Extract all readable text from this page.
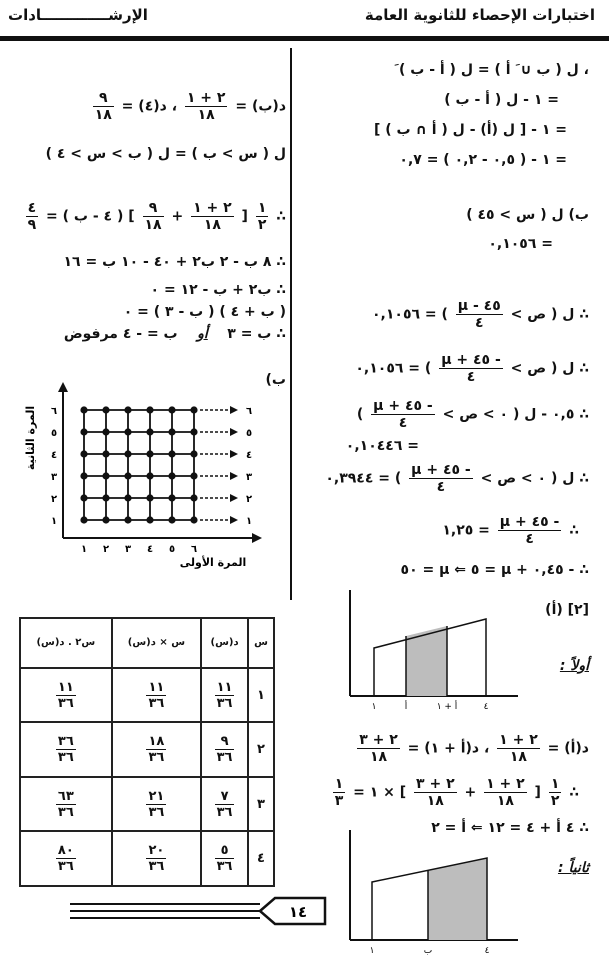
اختبارات الإحصاء للثانوية العامة
الإرشـــــــــــــادات
، ل ( ب ∪ َ أ ) = ل ( أ - ب ) َ
= ١ - ل ( أ - ب )
= ١ - [ ل (أ) - ل ( أ ∩ ب ) ]
= ١ - ( ٠,٥ - ٠,٢ ) = ٠,٧
ب) ل ( س > ٤٥ )
= ٠,١٠٥٦
∴ ل ( ص >
$\frac{٤٥ - \mu}{٤}$
) = ٠,١٠٥٦
∴ ل ( ص >
$\frac{- ٤٥ + \mu}{٤}$
) = ٠,١٠٥٦
∴ ٠,٥ - ل ( ٠ > ص >
$\frac{- ٤٥ + \mu}{٤}$
)
= ٠,١٠٤٤٦
∴ ل ( ٠ > ص >
$\frac{- ٤٥ + \mu}{٤}$
) = ٠,٣٩٤٤
∴
$\frac{- ٤٥ + \mu}{٤}$
= ١,٢٥
∴ - ٠,٤٥ + μ = ٥ ⇐ μ = ٥٠
[٢] (أ)
أولاً :
١	أ	أ + ١	٤
د(أ) =
$\frac{٢ + ١}{١٨}$
، د(أ + ١) =
$\frac{٢ + ٣}{١٨}$
∴
$\frac{١}{٢}$
[
$\frac{٢ + ١}{١٨}$
+
$\frac{٢ + ٣}{١٨}$
] × ١ =
$\frac{١}{٣}$
∴ ٤ أ + ٤ = ١٢ ⇐ أ = ٢
ثانياً :
١	ب	٤
د(ب) =
$\frac{٢ + ١}{١٨}$
، د(٤) =
$\frac{٩}{١٨}$
ل ( س > ب ) = ل ( ب > س > ٤ )
∴
$\frac{١}{٢}$
[
$\frac{٢ + ١}{١٨}$
+
$\frac{٩}{١٨}$
] ( ٤ - ب ) =
$\frac{٤}{٩}$
∴ ٨ ب - ٢ ب٢ + ٤٠ - ١٠ ب = ١٦
∴ ب٢ + ب - ١٢ = ٠
( ب + ٤ ) ( ب - ٣ ) = ٠
∴ ب = ٣    أو    ب = - ٤ مرفوض
ب)
١
٢
٣
٤
٥
٦
١
١
٢
٢
٣
٣
٤
٤
٥
٥
٦
٦
المرة الأولى
المرة الثانية
س٢ . د(س)	س × د(س)	د(س)	س

$\frac{١١}{٣٦}$	$\frac{١١}{٣٦}$	$\frac{١١}{٣٦}$	١

$\frac{٣٦}{٣٦}$	$\frac{١٨}{٣٦}$	$\frac{٩}{٣٦}$	٢

$\frac{٦٣}{٣٦}$	$\frac{٢١}{٣٦}$	$\frac{٧}{٣٦}$	٣

$\frac{٨٠}{٣٦}$	$\frac{٢٠}{٣٦}$	$\frac{٥}{٣٦}$	٤
١٤
